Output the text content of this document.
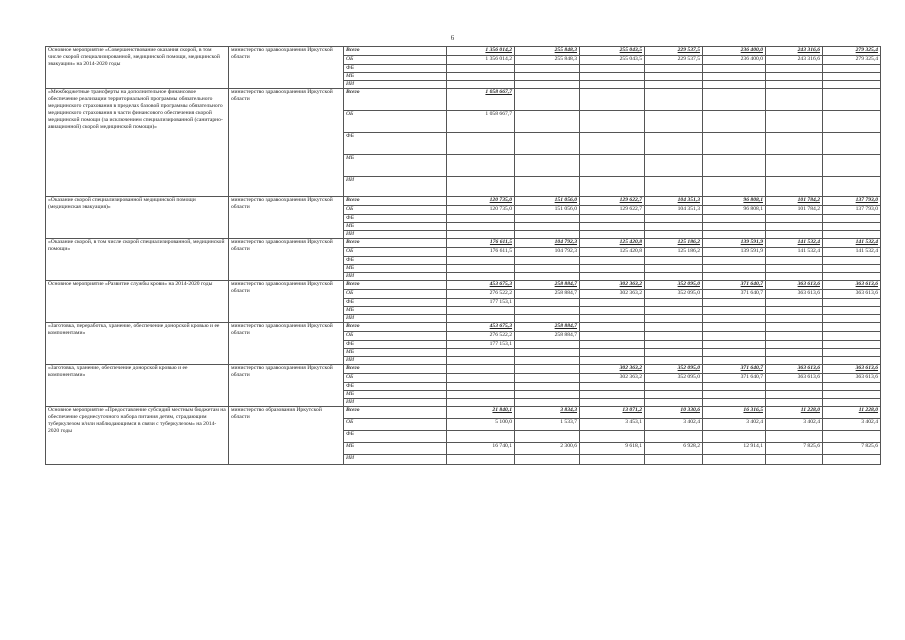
6
Основное мероприятие «Совершенствование оказания скорой, в том числе скорой специализированной, медицинской помощи, медицинской эвакуации» на 2014-2020 годы	министерство здравоохранения Иркутской области	Всего	1 356 014,2	255 848,3	255 043,5	229 537,5	236 400,0	243 316,6	279 325,4
		ОБ	1 356 014,2	255 848,3	255 043,5	229 537,5	236 400,0	243 316,6	279 325,4
		ФБ							
		МБ							
		ИИ							
«Межбюджетные трансферты на дополнительное финансовое обеспечение реализации территориальной программы обязательного медицинского страхования в пределах базовой программы обязательного медицинского страхования в части финансового обеспечения скорой медицинской помощи (за исключением специализированной (санитарно-авиационной) скорой медицинской помощи)»	министерство здравоохранения Иркутской области	Всего	1 058 667,7						
		ОБ	1 058 667,7						
		ФБ							
		МБ							
		ИИ							
«Оказание скорой специализированной медицинской помощи (медицинская эвакуация)»	министерство здравоохранения Иркутской области	Всего	120 735,0	151 056,0	129 622,7	104 351,3	96 808,1	101 784,2	137 793,0
		ОБ	120 735,0	151 056,0	129 622,7	104 351,3	96 808,1	101 784,2	137 793,0
		ФБ							
		МБ							
		ИИ							
«Оказание скорой, в том числе скорой специализированной, медицинской помощи»	министерство здравоохранения Иркутской области	Всего	176 611,5	104 792,3	125 420,8	125 186,2	139 591,9	141 532,4	141 532,4
		ОБ	176 611,5	104 792,3	125 420,8	125 186,2	139 591,9	141 532,4	141 532,4
		ФБ							
		МБ							
		ИИ							
Основное мероприятие «Развитие службы крови» на 2014-2020 годы	министерство здравоохранения Иркутской области	Всего	453 675,3	258 884,7	302 363,2	352 095,0	371 640,7	363 613,6	363 613,6
		ОБ	276 522,2	258 884,7	302 363,2	352 095,0	371 640,7	363 613,6	363 613,6
		ФБ	177 153,1						
		МБ							
		ИИ							
«Заготовка, переработка, хранение, обеспечение донорской кровью и ее компонентами»	министерство здравоохранения Иркутской области	Всего	453 675,3	258 884,7					
		ОБ	276 522,2	258 884,7					
		ФБ	177 153,1						
		МБ							
		ИИ							
«Заготовка, хранение, обеспечение донорской кровью и ее компонентами»	министерство здравоохранения Иркутской области	Всего			302 363,2	352 095,0	371 640,7	363 613,6	363 613,6
		ОБ			302 363,2	352 095,0	371 640,7	363 613,6	363 613,6
		ФБ							
		МБ							
		ИИ							
Основное мероприятие «Предоставление субсидий местным бюджетам на обеспечение среднесуточного набора питания детям, страдающим туберкулезом и/или наблюдающимся в связи с туберкулезом» на 2014-2020 годы	министерство образования Иркутской области	Всего	21 840,1	3 834,3	13 071,2	10 330,6	16 316,5	11 228,0	11 228,0
		ОБ	5 100,0	1 533,7	3 453,1	3 402,4	3 402,4	3 402,4	3 402,4
		ФБ							
		МБ	16 740,1	2 300,6	9 618,1	6 928,2	12 914,1	7 825,6	7 825,6
		ИИ							
